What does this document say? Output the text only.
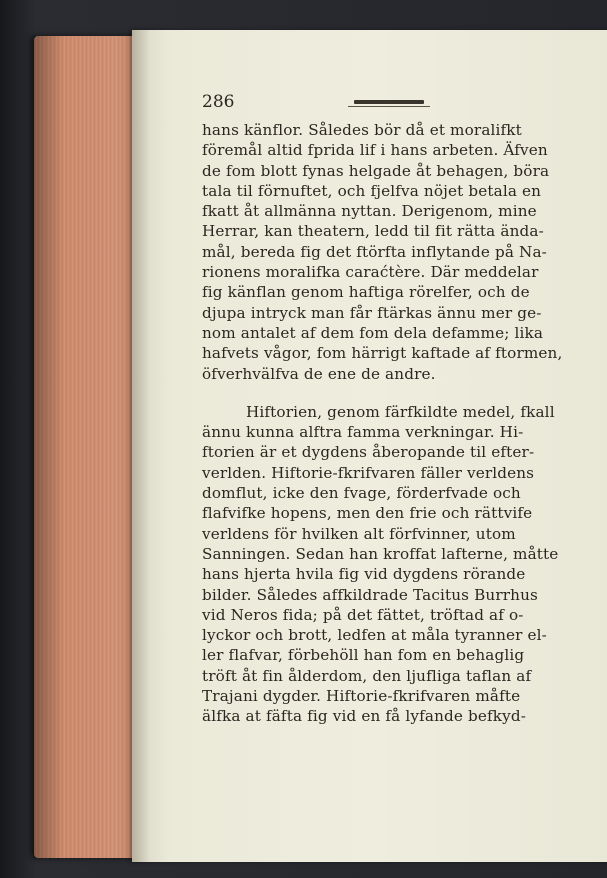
286
hans känflor. Således bör då et moralifkt
föremål altid fprida lif i hans arbeten. Äfven
de fom blott fynas helgade åt behagen, böra
tala til förnuftet, och fjelfva nöjet betala en
fkatt åt allmänna nyttan. Derigenom, mine
Herrar, kan theatern, ledd til fit rätta ända-
mål, bereda fig det ftörfta inflytande på Na-
rionens moralifka caraćtère. Där meddelar
fig känflan genom haftiga rörelfer, och de
djupa intryck man får ftärkas ännu mer ge-
nom antalet af dem fom dela defamme; lika
hafvets vågor, fom härrigt kaftade af ftormen,
öfverhvälfva de ene de andre.
Hiftorien, genom färfkildte medel, fkall
ännu kunna alftra famma verkningar. Hi-
ftorien är et dygdens åberopande til efter-
verlden. Hiftorie-fkrifvaren fäller verldens
domflut, icke den fvage, förderfvade och
flafvifke hopens, men den frie och rättvife
verldens för hvilken alt förfvinner, utom
Sanningen. Sedan han kroffat lafterne, måtte
hans hjerta hvila fig vid dygdens rörande
bilder. Således affkildrade Tacitus Burrhus
vid Neros fida; på det fättet, tröftad af o-
lyckor och brott, ledfen at måla tyranner el-
ler flafvar, förbehöll han fom en behaglig
tröft åt fin ålderdom, den ljufliga taflan af
Trajani dygder. Hiftorie-fkrifvaren måfte
älfka at fäfta fig vid en få lyfande befkyd-
